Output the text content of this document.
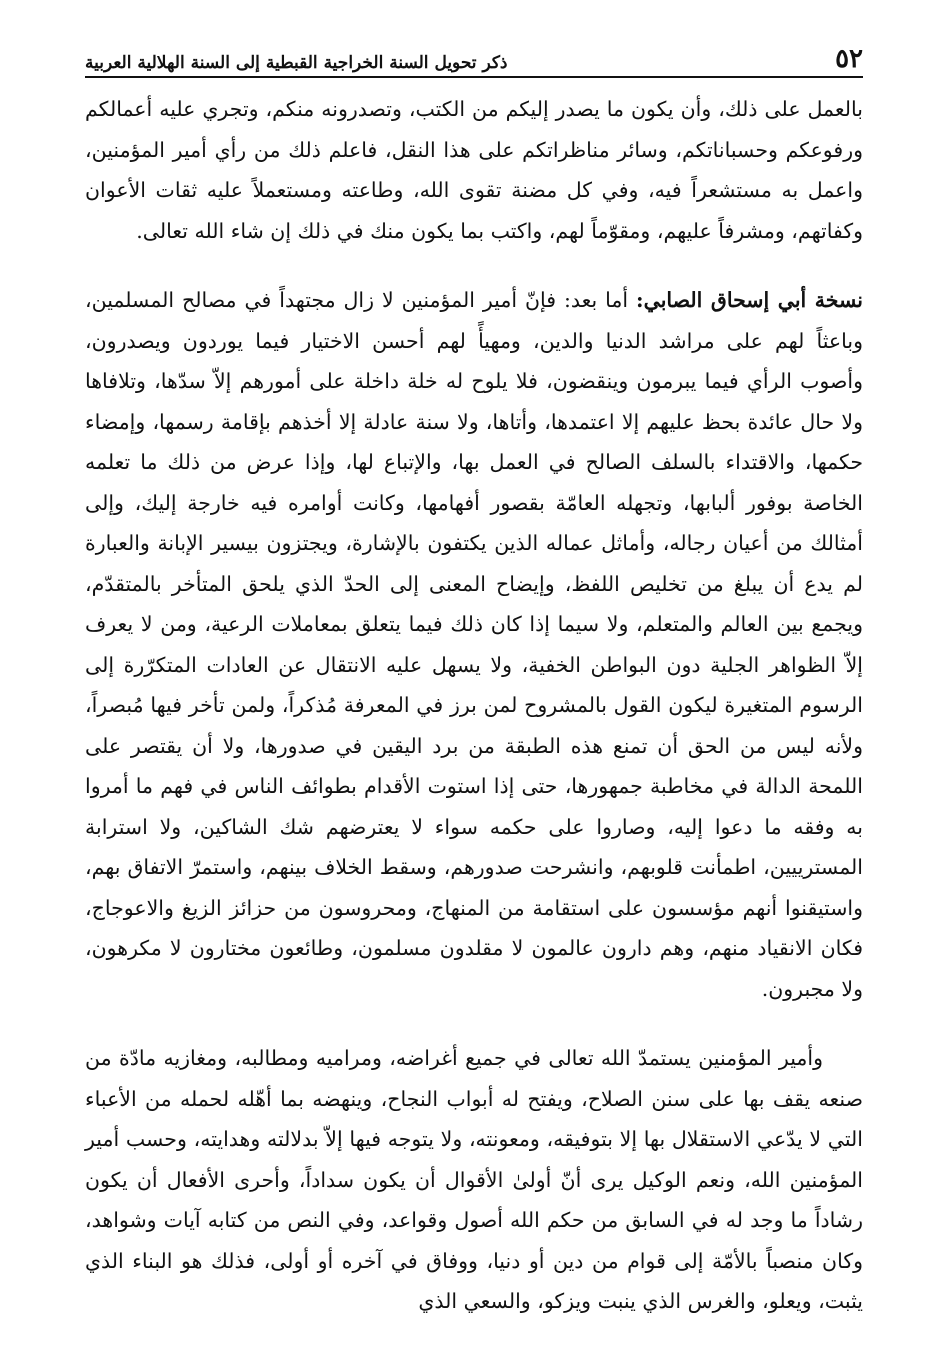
٥٢
ذكر تحويل السنة الخراجية القبطية إلى السنة الهلالية العربية

بالعمل على ذلك، وأن يكون ما يصدر إليكم من الكتب، وتصدرونه منكم، وتجري عليه أعمالكم ورفوعكم وحسباناتكم، وسائر مناظراتكم على هذا النقل، فاعلم ذلك من رأي أمير المؤمنين، واعمل به مستشعراً فيه، وفي كل مضنة تقوى الله، وطاعته ومستعملاً عليه ثقات الأعوان وكفاتهم، ومشرفاً عليهم، ومقوّماً لهم، واكتب بما يكون منك في ذلك إن شاء الله تعالى.

نسخة أبي إسحاق الصابي: أما بعد: فإنّ أمير المؤمنين لا زال مجتهداً في مصالح المسلمين، وباعثاً لهم على مراشد الدنيا والدين، ومهيأً لهم أحسن الاختيار فيما يوردون ويصدرون، وأصوب الرأي فيما يبرمون وينقضون، فلا يلوح له خلة داخلة على أمورهم إلاّ سدّها، وتلافاها ولا حال عائدة بحظ عليهم إلا اعتمدها، وأتاها، ولا سنة عادلة إلا أخذهم بإقامة رسمها، وإمضاء حكمها، والاقتداء بالسلف الصالح في العمل بها، والإتباع لها، وإذا عرض من ذلك ما تعلمه الخاصة بوفور ألبابها، وتجهله العامّة بقصور أفهامها، وكانت أوامره فيه خارجة إليك، وإلى أمثالك من أعيان رجاله، وأماثل عماله الذين يكتفون بالإشارة، ويجتزون بيسير الإبانة والعبارة لم يدع أن يبلغ من تخليص اللفظ، وإيضاح المعنى إلى الحدّ الذي يلحق المتأخر بالمتقدّم، ويجمع بين العالم والمتعلم، ولا سيما إذا كان ذلك فيما يتعلق بمعاملات الرعية، ومن لا يعرف إلاّ الظواهر الجلية دون البواطن الخفية، ولا يسهل عليه الانتقال عن العادات المتكرّرة إلى الرسوم المتغيرة ليكون القول بالمشروح لمن برز في المعرفة مُذكراً، ولمن تأخر فيها مُبصراً، ولأنه ليس من الحق أن تمنع هذه الطبقة من برد اليقين في صدورها، ولا أن يقتصر على اللمحة الدالة في مخاطبة جمهورها، حتى إذا استوت الأقدام بطوائف الناس في فهم ما أمروا به وفقه ما دعوا إليه، وصاروا على حكمه سواء لا يعترضهم شك الشاكين، ولا استرابة المسترييين، اطمأنت قلوبهم، وانشرحت صدورهم، وسقط الخلاف بينهم، واستمرّ الاتفاق بهم، واستيقنوا أنهم مؤسسون على استقامة من المنهاج، ومحروسون من حزائز الزيغ والاعوجاج، فكان الانقياد منهم، وهم دارون عالمون لا مقلدون مسلمون، وطائعون مختارون لا مكرهون، ولا مجبرون.

وأمير المؤمنين يستمدّ الله تعالى في جميع أغراضه، ومراميه ومطالبه، ومغازيه مادّة من صنعه يقف بها على سنن الصلاح، ويفتح له أبواب النجاح، وينهضه بما أهّله لحمله من الأعباء التي لا يدّعي الاستقلال بها إلا بتوفيقه، ومعونته، ولا يتوجه فيها إلاّ بدلالته وهدايته، وحسب أمير المؤمنين الله، ونعم الوكيل يرى أنّ أولىٰ الأقوال أن يكون سداداً، وأحرى الأفعال أن يكون رشاداً ما وجد له في السابق من حكم الله أصول وقواعد، وفي النص من كتابه آيات وشواهد، وكان منصباً بالأمّة إلى قوام من دين أو دنيا، ووفاق في آخره أو أولى، فذلك هو البناء الذي يثبت، ويعلو، والغرس الذي ينبت ويزكو، والسعي الذي
